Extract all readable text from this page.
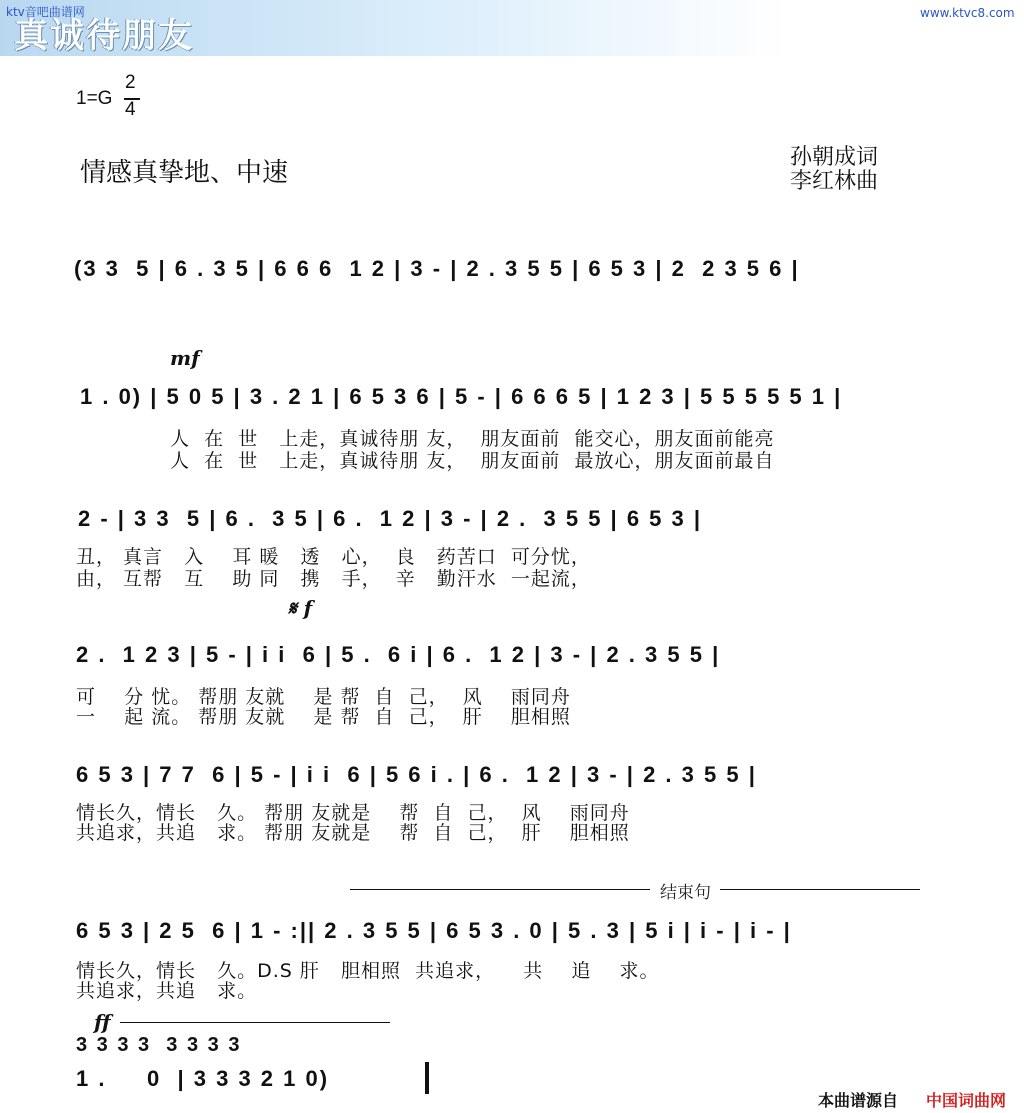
ktv音吧曲谱网	www.ktvc8.com
真诚待朋友
1=G
2
4
情感真挚地、中速
孙朝成词
李红林曲
(3 3  5 | 6 . 3 5 | 6 6 6  1 2 | 3 - | 2 . 3 5 5 | 6 5 3 | 2  2 3 5 6 |
mf
1 . 0) | 5 0 5 | 3 . 2 1 | 6 5 3 6 | 5 - | 6 6 6 5 | 1 2 3 | 5 5 5 5 5 1 |
人  在  世   上走，真诚待朋 友，  朋友面前  能交心，朋友面前能亮
人  在  世   上走，真诚待朋 友，  朋友面前  最放心，朋友面前最自
2 - | 3 3  5 | 6 .  3 5 | 6 .  1 2 | 3 - | 2 .  3 5 5 | 6 5 3 |
丑， 真言   入    耳 暖   透   心，  良   药苦口  可分忧，
由， 互帮   互    助 同   携   手，  辛   勤汗水  一起流，
𝄋 f
2 .  1 2 3 | 5 - | i i  6 | 5 .  6 i | 6 .  1 2 | 3 - | 2 . 3 5 5 |
可    分 忧。 帮朋 友就    是 帮  自  己，  风    雨同舟
一    起 流。 帮朋 友就    是 帮  自  己，  肝    胆相照
6 5 3 | 7 7  6 | 5 - | i i  6 | 5 6 i . | 6 .  1 2 | 3 - | 2 . 3 5 5 |
情长久，情长   久。 帮朋 友就是    帮  自  己，  风    雨同舟
共追求，共追   求。 帮朋 友就是    帮  自  己，  肝    胆相照
结束句
6 5 3 | 2 5  6 | 1 - :|| 2 . 3 5 5 | 6 5 3 . 0 | 5 . 3 | 5 i | i - | i - |
情长久，情长   久。D.S 肝   胆相照  共追求，    共    追    求。
共追求，共追   求。
ff
3 3 3 3  3 3 3 3
1 .     0  | 3 3 3 2 1 0)
本曲谱源自 中国词曲网
